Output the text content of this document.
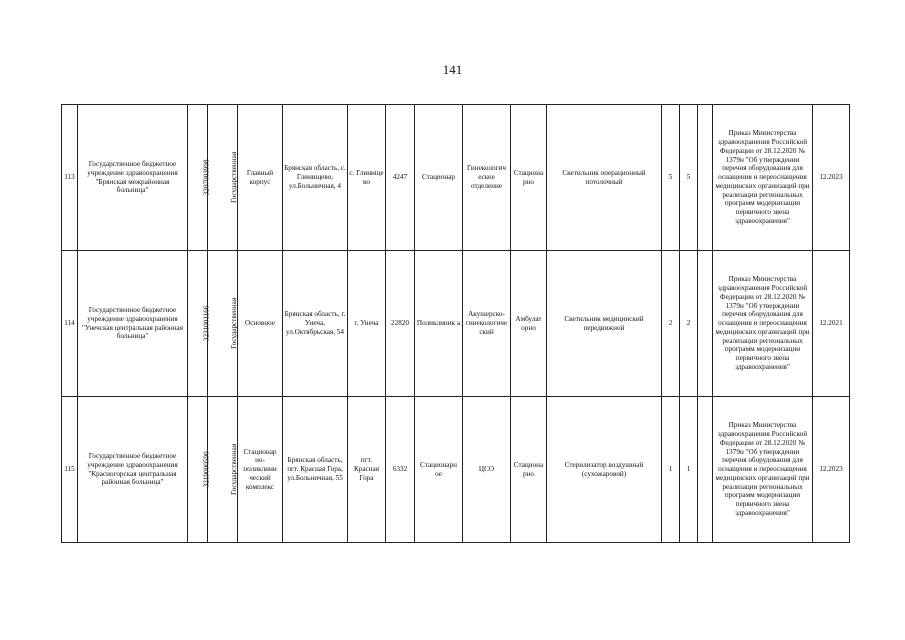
141
113	Государственное бюджетное учреждение здравоохранения "Брянская межрайонная больница"	3207003998	Государственная	Главный корпус	Брянская область, с. Глинищево, ул.Больничная, 4	с. Глинище во	4247	Стационар	Гинекологич еское отделение	Стациона рно	Светильник операционный потолочный	5	5		Приказ Министерства здравоохранения Российской Федерации от 28.12.2020 № 1379н "Об утверждении перечня оборудования для оснащения и переоснащения медицинских организаций при реализации региональных программ модернизации первичного звена здравоохранения"	12.2023
114	Государственное бюджетное учреждение здравоохранения "Унечская центральная районная больница"	3231001166	Государственная	Основное	Брянская область, г. Унеча, ул.Октябрьская, 54	г. Унеча	22820	Поликлиник а	Акушерско-гинекологиче ский	Амбулат орно	Светильник медицинский передвижной	2	2		Приказ Министерства здравоохранения Российской Федерации от 28.12.2020 № 1379н "Об утверждении перечня оборудования для оснащения и переоснащения медицинских организаций при реализации региональных программ модернизации первичного звена здравоохранения"	12.2021
115	Государственное бюджетное учреждение здравоохранения "Красногорская центральная районная больница"	3219000590	Государственная	Стационар но-поликлини ческий комплекс	Брянская область, пгт. Красная Гора, ул.Больничная, 55	пгт. Красная Гора	6332	Стационарн ое	ЦСО	Стациона рно	Стерилизатор воздушный (сухожаровой)	1	1		Приказ Министерства здравоохранения Российской Федерации от 28.12.2020 № 1379н "Об утверждении перечня оборудования для оснащения и переоснащения медицинских организаций при реализации региональных программ модернизации первичного звена здравоохранения"	12.2023
